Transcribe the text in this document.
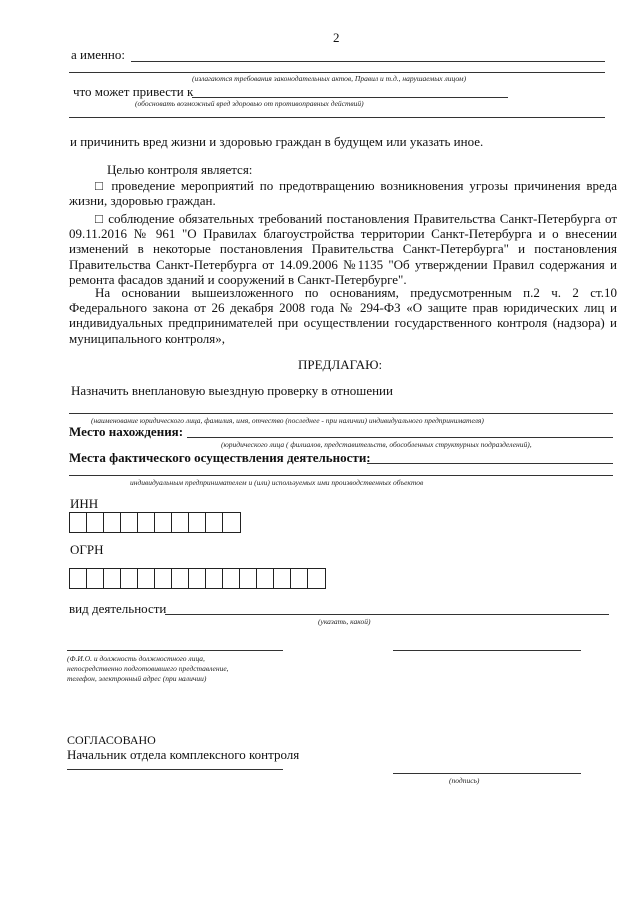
2
а именно:
(излагаются требования законодательных актов, Правил и т.д., нарушаемых лицом)
что может привести к
(обосновать возможный вред здоровью от противоправных действий)
и причинить вред жизни и здоровью граждан в будущем или указать иное.
Целью контроля является:
□ проведение мероприятий по предотвращению возникновения угрозы причинения вреда жизни, здоровью граждан.
□ соблюдение обязательных требований постановления Правительства Санкт-Петербурга от 09.11.2016 № 961 "О Правилах благоустройства территории Санкт-Петербурга и о внесении изменений в некоторые постановления Правительства Санкт-Петербурга" и постановления Правительства Санкт-Петербурга от 14.09.2006 №1135 "Об утверждении Правил содержания и ремонта фасадов зданий и сооружений в Санкт-Петербурге".
На основании вышеизложенного по основаниям, предусмотренным п.2 ч. 2 ст.10 Федерального закона от 26 декабря 2008 года № 294-ФЗ «О защите прав юридических лиц и индивидуальных предпринимателей при осуществлении государственного контроля (надзора) и муниципального контроля»,
ПРЕДЛАГАЮ:
Назначить внеплановую выездную проверку в отношении
(наименование юридического лица, фамилия, имя, отчество (последнее - при наличии) индивидуального предпринимателя)
Место нахождения:
(юридического лица ( филиалов, представительств, обособленных структурных подразделений),
Места фактического осуществления деятельности:
индивидуальным предпринимателем и (или) используемых ими производственных объектов
ИНН
ОГРН
вид деятельности
(указать, какой)
(Ф.И.О. и должность должностного лица,
непосредственно подготовившего представление,
телефон, электронный адрес (при наличии)
СОГЛАСОВАНО
Начальник отдела комплексного контроля
(подпись)
